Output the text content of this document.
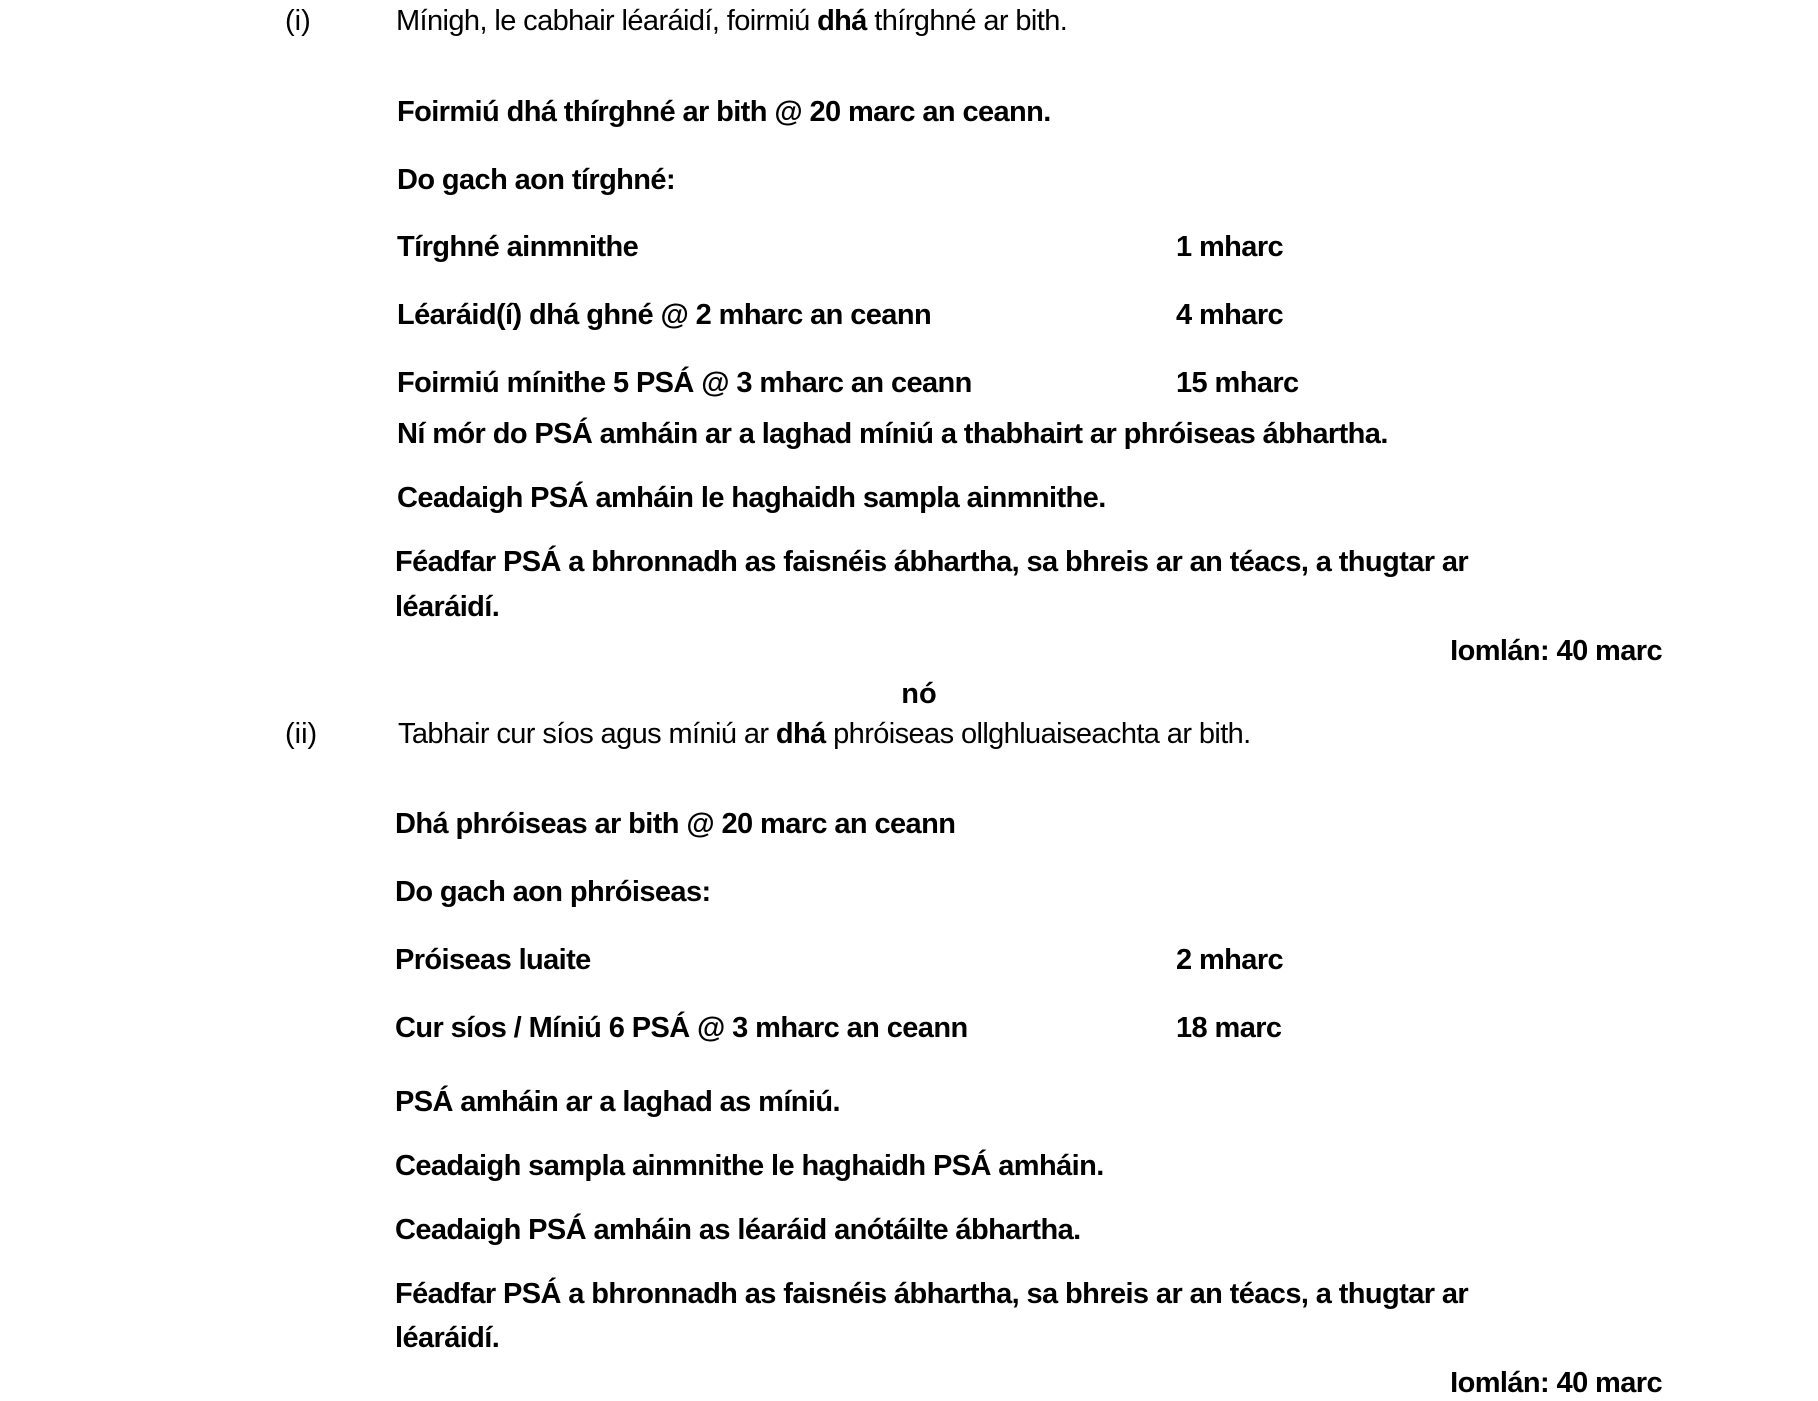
(i)	Mínigh, le cabhair léaráidí, foirmiú dhá thírghné ar bith.
Foirmiú dhá thírghné ar bith @ 20 marc an ceann.
Do gach aon tírghné:
Tírghné ainmnithe	1 mharc
Léaráid(í) dhá ghné @ 2 mharc an ceann	4 mharc
Foirmiú mínithe 5 PSÁ @ 3 mharc an ceann	15 mharc
Ní mór do PSÁ amháin ar a laghad míniú a thabhairt ar phróiseas ábhartha.
Ceadaigh PSÁ amháin le haghaidh sampla ainmnithe.
Féadfar PSÁ a bhronnadh as faisnéis ábhartha, sa bhreis ar an téacs, a thugtar ar
léaráidí.
Iomlán: 40 marc
nó
(ii)	Tabhair cur síos agus míniú ar dhá phróiseas ollghluaiseachta ar bith.
Dhá phróiseas ar bith @ 20 marc an ceann
Do gach aon phróiseas:
Próiseas luaite	2 mharc
Cur síos / Míniú 6 PSÁ @ 3 mharc an ceann	18 marc
PSÁ amháin ar a laghad as míniú.
Ceadaigh sampla ainmnithe le haghaidh PSÁ amháin.
Ceadaigh PSÁ amháin as léaráid anótáilte ábhartha.
Féadfar PSÁ a bhronnadh as faisnéis ábhartha, sa bhreis ar an téacs, a thugtar ar
léaráidí.
Iomlán: 40 marc
